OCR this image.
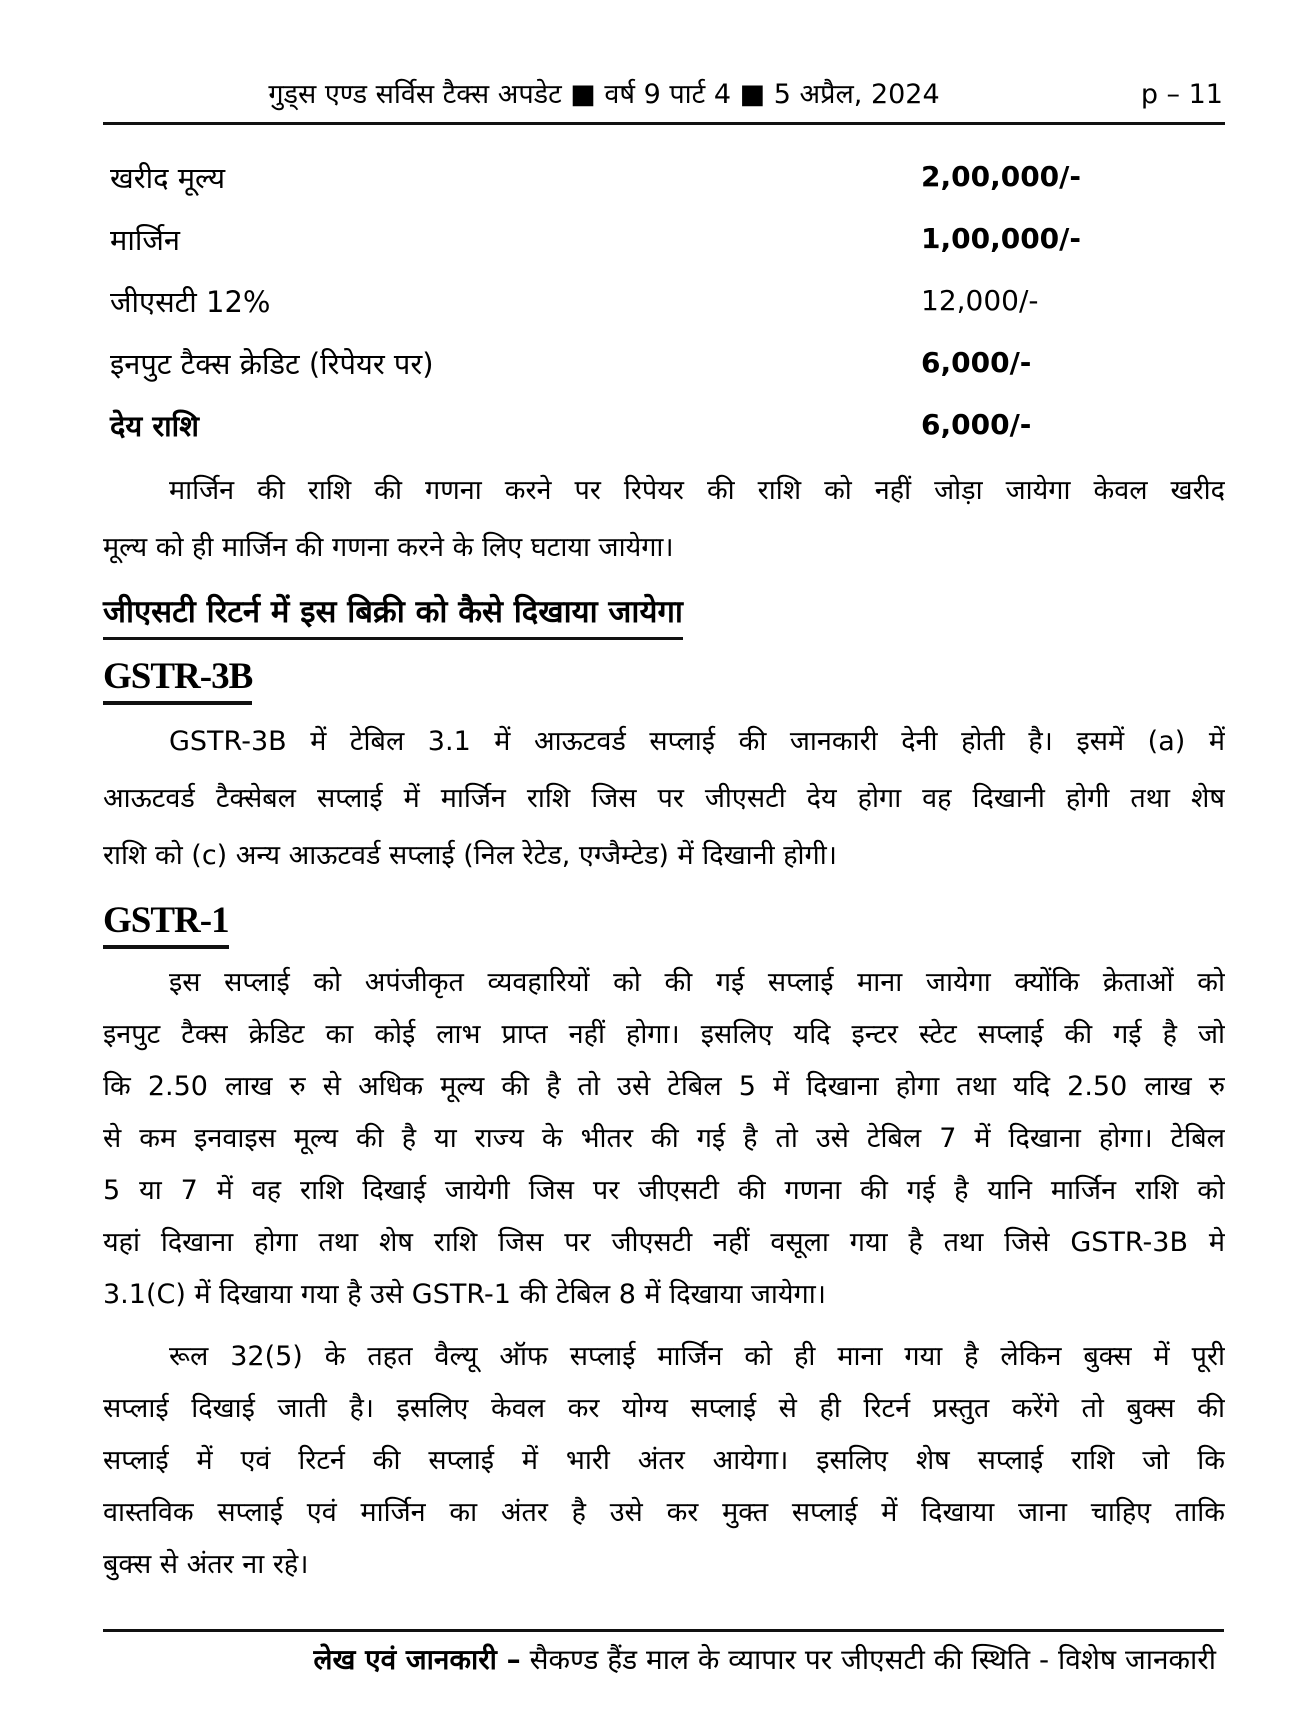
गुड्स एण्ड सर्विस टैक्स अपडेट ■ वर्ष 9 पार्ट 4 ■ 5 अप्रैल, 2024	p – 11
खरीद मूल्य	2,00,000/-
मार्जिन	1,00,000/-
जीएसटी 12%	12,000/-
इनपुट टैक्स क्रेडिट (रिपेयर पर)	6,000/-
देय राशि	6,000/-
मार्जिन की राशि की गणना करने पर रिपेयर की राशि को नहीं जोड़ा जायेगा केवल खरीद
मूल्य को ही मार्जिन की गणना करने के लिए घटाया जायेगा।
जीएसटी रिटर्न में इस बिक्री को कैसे दिखाया जायेगा
GSTR-3B
GSTR-3B में टेबिल 3.1 में आऊटवर्ड सप्लाई की जानकारी देनी होती है। इसमें (a) में
आऊटवर्ड टैक्सेबल सप्लाई में मार्जिन राशि जिस पर जीएसटी देय होगा वह दिखानी होगी तथा शेष
राशि को (c) अन्य आऊटवर्ड सप्लाई (निल रेटेड, एग्जैम्टेड) में दिखानी होगी।
GSTR-1
इस सप्लाई को अपंजीकृत व्यवहारियों को की गई सप्लाई माना जायेगा क्योंकि क्रेताओं को
इनपुट टैक्स क्रेडिट का कोई लाभ प्राप्त नहीं होगा। इसलिए यदि इन्टर स्टेट सप्लाई की गई है जो
कि 2.50 लाख रु से अधिक मूल्य की है तो उसे टेबिल 5 में दिखाना होगा तथा यदि 2.50 लाख रु
से कम इनवाइस मूल्य की है या राज्य के भीतर की गई है तो उसे टेबिल 7 में दिखाना होगा। टेबिल
5 या 7 में वह राशि दिखाई जायेगी जिस पर जीएसटी की गणना की गई है यानि मार्जिन राशि को
यहां दिखाना होगा तथा शेष राशि जिस पर जीएसटी नहीं वसूला गया है तथा जिसे GSTR-3B मे
3.1(C) में दिखाया गया है उसे GSTR-1 की टेबिल 8 में दिखाया जायेगा।
रूल 32(5) के तहत वैल्यू ऑफ सप्लाई मार्जिन को ही माना गया है लेकिन बुक्स में पूरी
सप्लाई दिखाई जाती है। इसलिए केवल कर योग्य सप्लाई से ही रिटर्न प्रस्तुत करेंगे तो बुक्स की
सप्लाई में एवं रिटर्न की सप्लाई में भारी अंतर आयेगा। इसलिए शेष सप्लाई राशि जो कि
वास्तविक सप्लाई एवं मार्जिन का अंतर है उसे कर मुक्त सप्लाई में दिखाया जाना चाहिए ताकि
बुक्स से अंतर ना रहे।
लेख एवं जानकारी – सैकण्ड हैंड माल के व्यापार पर जीएसटी की स्थिति - विशेष जानकारी
